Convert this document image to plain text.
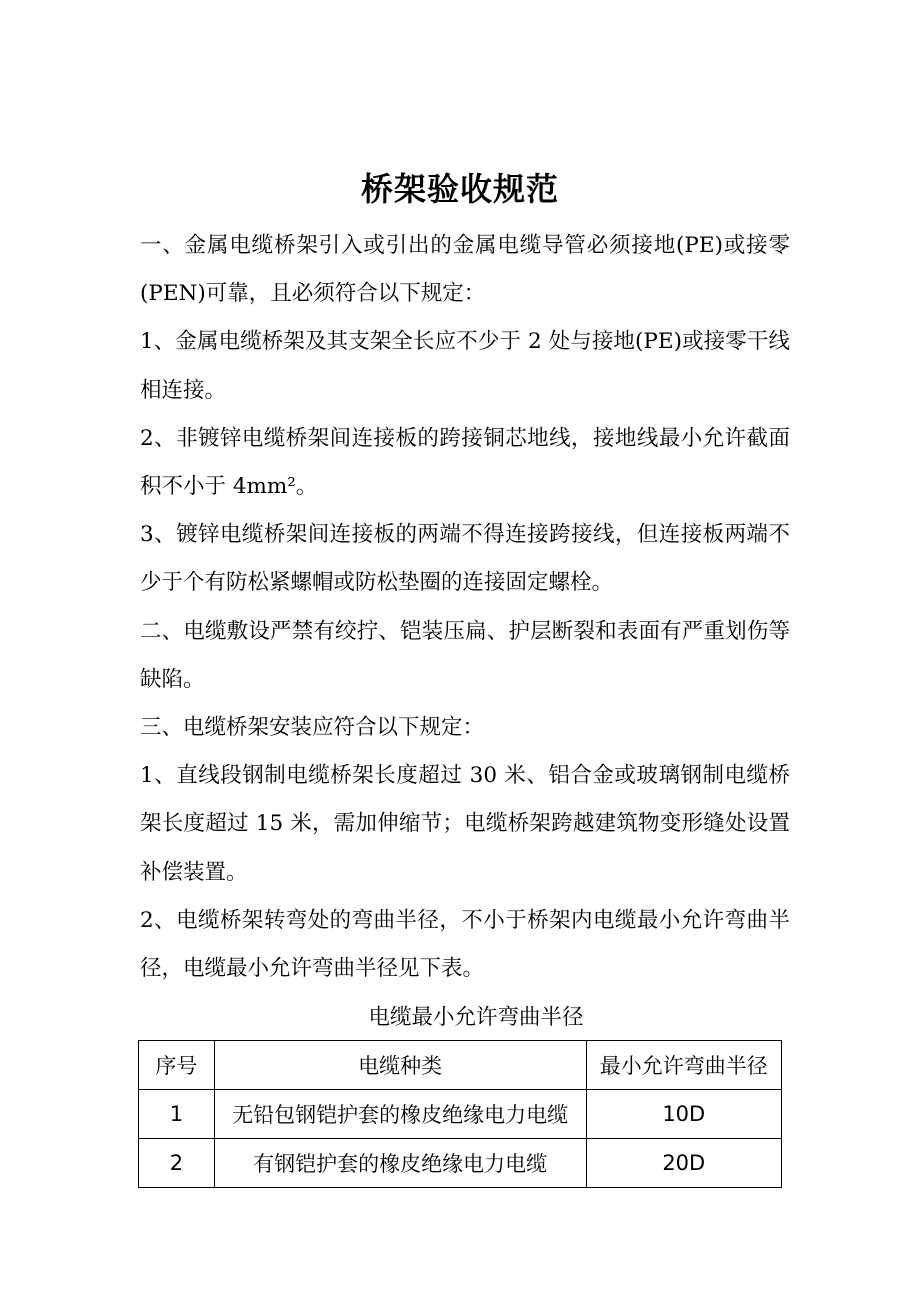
桥架验收规范

一、金属电缆桥架引入或引出的金属电缆导管必须接地(PE)或接零(PEN)可靠，且必须符合以下规定：

1、金属电缆桥架及其支架全长应不少于 2 处与接地(PE)或接零干线相连接。

2、非镀锌电缆桥架间连接板的跨接铜芯地线，接地线最小允许截面积不小于 4mm²。

3、镀锌电缆桥架间连接板的两端不得连接跨接线，但连接板两端不少于个有防松紧螺帽或防松垫圈的连接固定螺栓。

二、电缆敷设严禁有绞拧、铠装压扁、护层断裂和表面有严重划伤等缺陷。

三、电缆桥架安装应符合以下规定：

1、直线段钢制电缆桥架长度超过 30 米、铝合金或玻璃钢制电缆桥架长度超过 15 米，需加伸缩节；电缆桥架跨越建筑物变形缝处设置补偿装置。

2、电缆桥架转弯处的弯曲半径，不小于桥架内电缆最小允许弯曲半径，电缆最小允许弯曲半径见下表。

电缆最小允许弯曲半径
序号	电缆种类	最小允许弯曲半径
1	无铅包钢铠护套的橡皮绝缘电力电缆	10D
2	有钢铠护套的橡皮绝缘电力电缆	20D
